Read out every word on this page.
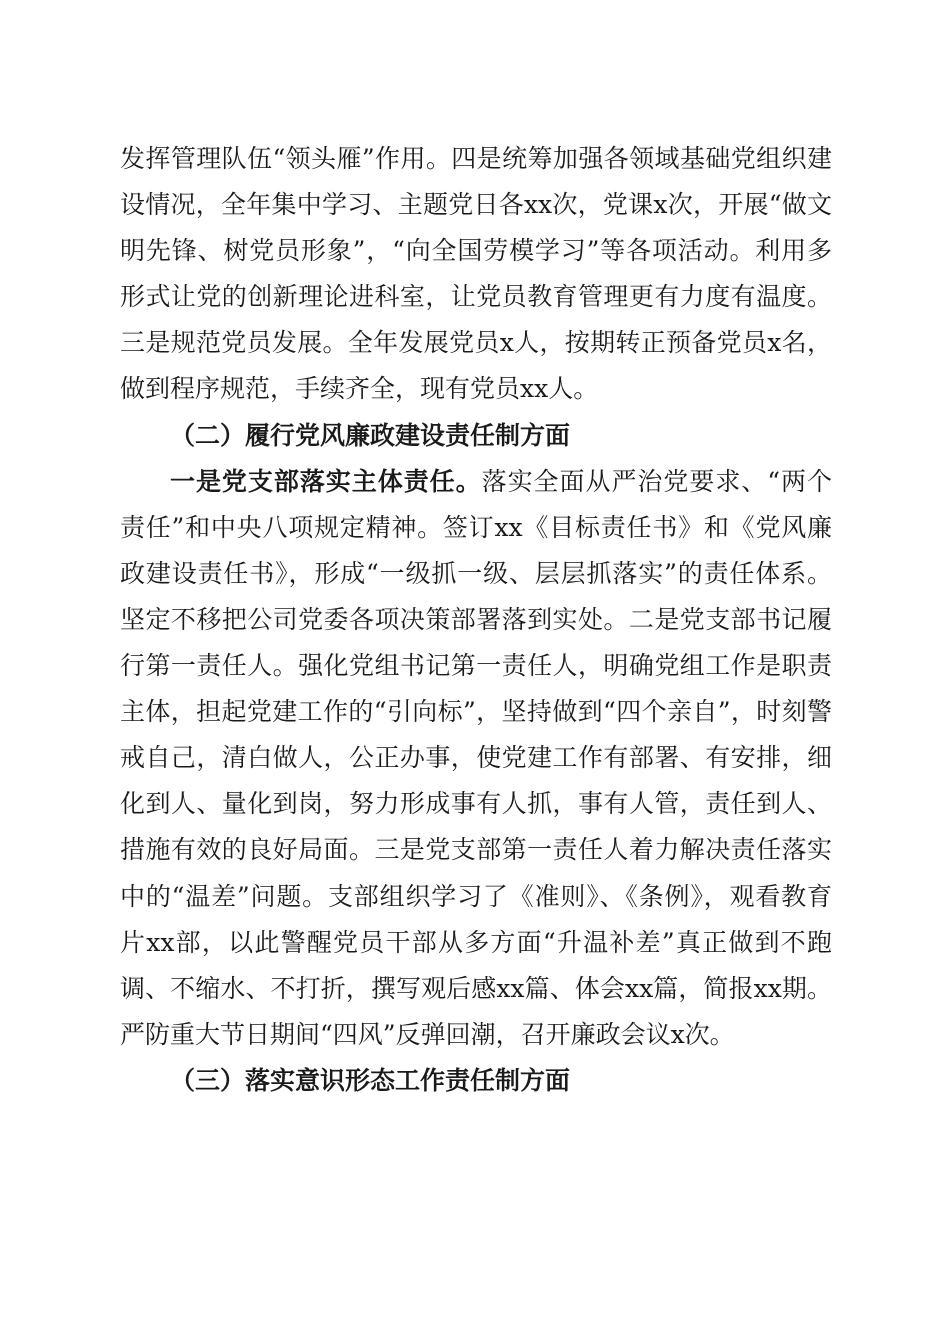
发挥管理队伍“领头雁”作用。四是统筹加强各领域基础党组织建设情况，全年集中学习、主题党日各xx次，党课x次，开展“做文明先锋、树党员形象”，“向全国劳模学习”等各项活动。利用多形式让党的创新理论进科室，让党员教育管理更有力度有温度。三是规范党员发展。全年发展党员x人，按期转正预备党员x名，做到程序规范，手续齐全，现有党员xx人。

（二）履行党风廉政建设责任制方面

一是党支部落实主体责任。落实全面从严治党要求、“两个责任”和中央八项规定精神。签订xx《目标责任书》和《党风廉政建设责任书》，形成“一级抓一级、层层抓落实”的责任体系。坚定不移把公司党委各项决策部署落到实处。二是党支部书记履行第一责任人。强化党组书记第一责任人，明确党组工作是职责主体，担起党建工作的“引向标”，坚持做到“四个亲自”，时刻警戒自己，清白做人，公正办事，使党建工作有部署、有安排，细化到人、量化到岗，努力形成事有人抓，事有人管，责任到人、措施有效的良好局面。三是党支部第一责任人着力解决责任落实中的“温差”问题。支部组织学习了《准则》、《条例》，观看教育片xx部，以此警醒党员干部从多方面“升温补差”真正做到不跑调、不缩水、不打折，撰写观后感xx篇、体会xx篇，简报xx期。严防重大节日期间“四风”反弹回潮，召开廉政会议x次。

（三）落实意识形态工作责任制方面
